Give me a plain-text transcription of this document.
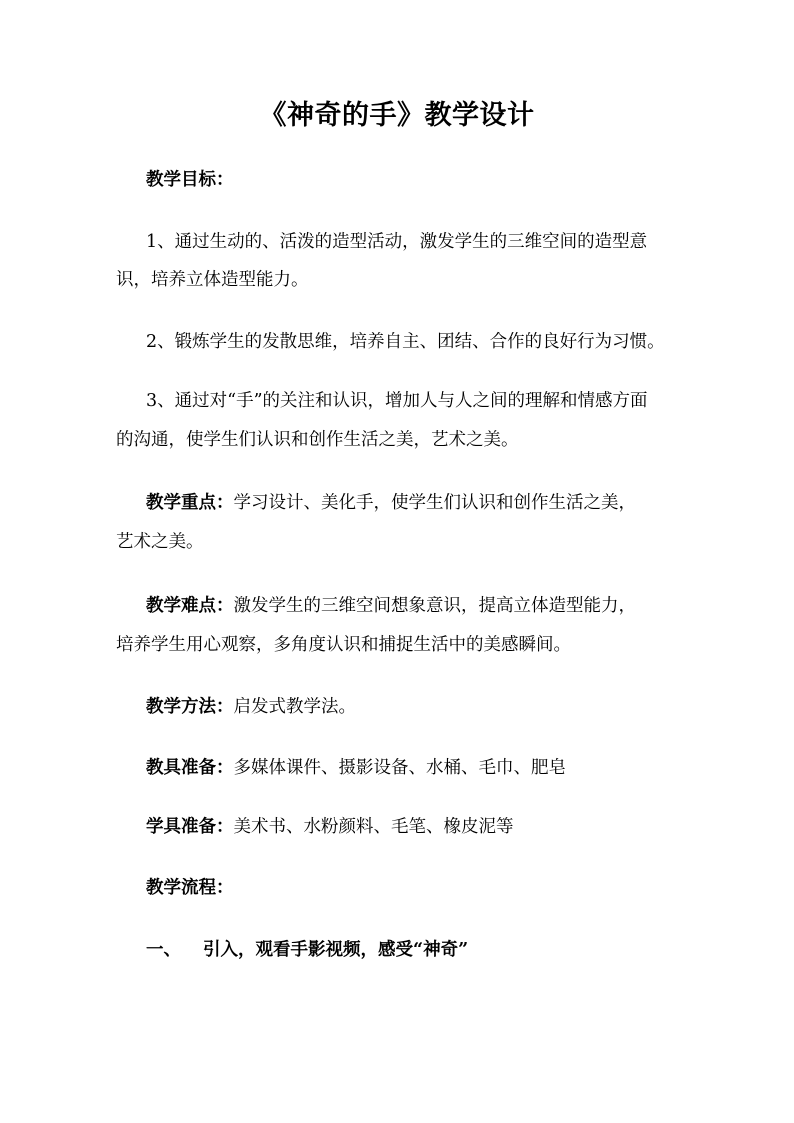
《神奇的手》教学设计
教学目标：
1、通过生动的、活泼的造型活动，激发学生的三维空间的造型意
识，培养立体造型能力。
2、锻炼学生的发散思维，培养自主、团结、合作的良好行为习惯。
3、通过对“手”的关注和认识，增加人与人之间的理解和情感方面
的沟通，使学生们认识和创作生活之美，艺术之美。
教学重点：学习设计、美化手，使学生们认识和创作生活之美，
艺术之美。
教学难点：激发学生的三维空间想象意识，提高立体造型能力，
培养学生用心观察，多角度认识和捕捉生活中的美感瞬间。
教学方法：启发式教学法。
教具准备：多媒体课件、摄影设备、水桶、毛巾、肥皂
学具准备：美术书、水粉颜料、毛笔、橡皮泥等
教学流程：
一、 引入，观看手影视频，感受“神奇”
